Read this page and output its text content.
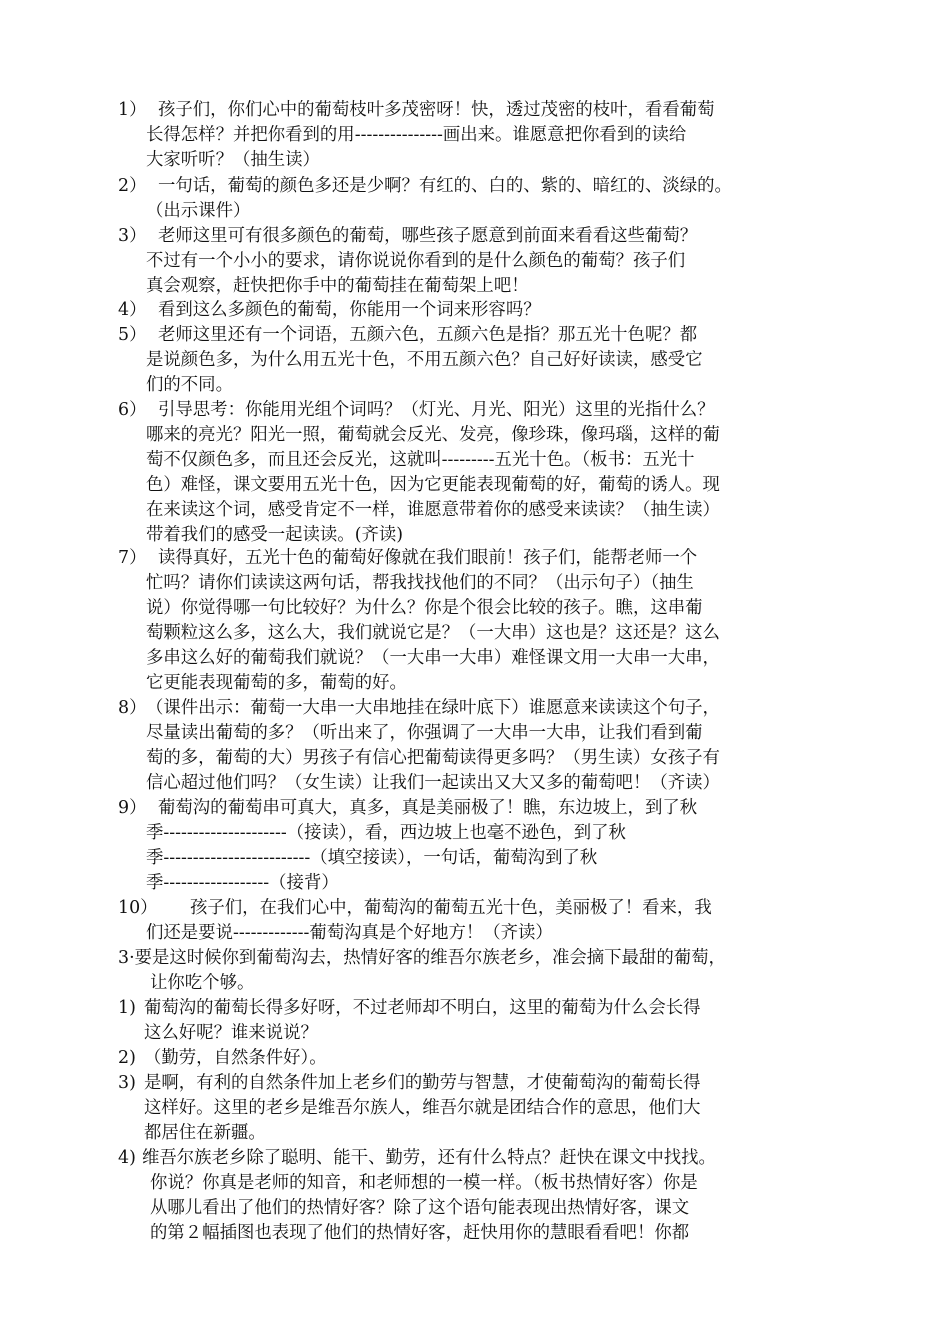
1） 孩子们，你们心中的葡萄枝叶多茂密呀！快，透过茂密的枝叶，看看葡萄
长得怎样？并把你看到的用---------------画出来。谁愿意把你看到的读给
大家听听？（抽生读）
2） 一句话，葡萄的颜色多还是少啊？有红的、白的、紫的、暗红的、淡绿的。
（出示课件）
3） 老师这里可有很多颜色的葡萄，哪些孩子愿意到前面来看看这些葡萄？
不过有一个小小的要求，请你说说你看到的是什么颜色的葡萄？孩子们
真会观察，赶快把你手中的葡萄挂在葡萄架上吧！
4） 看到这么多颜色的葡萄，你能用一个词来形容吗？
5） 老师这里还有一个词语，五颜六色，五颜六色是指？那五光十色呢？都
是说颜色多，为什么用五光十色，不用五颜六色？自己好好读读，感受它
们的不同。
6） 引导思考：你能用光组个词吗？（灯光、月光、阳光）这里的光指什么？
哪来的亮光？阳光一照，葡萄就会反光、发亮，像珍珠，像玛瑙，这样的葡
萄不仅颜色多，而且还会反光，这就叫---------五光十色。（板书：五光十
色）难怪，课文要用五光十色，因为它更能表现葡萄的好，葡萄的诱人。现
在来读这个词，感受肯定不一样，谁愿意带着你的感受来读读？（抽生读）
带着我们的感受一起读读。(齐读)
7） 读得真好，五光十色的葡萄好像就在我们眼前！孩子们，能帮老师一个
忙吗？请你们读读这两句话，帮我找找他们的不同？（出示句子）（抽生
说）你觉得哪一句比较好？为什么？你是个很会比较的孩子。瞧，这串葡
萄颗粒这么多，这么大，我们就说它是？（一大串）这也是？这还是？这么
多串这么好的葡萄我们就说？（一大串一大串）难怪课文用一大串一大串，
它更能表现葡萄的多，葡萄的好。
8） （课件出示：葡萄一大串一大串地挂在绿叶底下）谁愿意来读读这个句子，
尽量读出葡萄的多？（听出来了，你强调了一大串一大串，让我们看到葡
萄的多，葡萄的大）男孩子有信心把葡萄读得更多吗？（男生读）女孩子有
信心超过他们吗？（女生读）让我们一起读出又大又多的葡萄吧！（齐读）
9） 葡萄沟的葡萄串可真大，真多，真是美丽极了！瞧，东边坡上，到了秋
季---------------------（接读），看，西边坡上也毫不逊色，到了秋
季-------------------------（填空接读），一句话，葡萄沟到了秋
季------------------（接背）
10） 孩子们，在我们心中，葡萄沟的葡萄五光十色，美丽极了！看来，我
们还是要说-------------葡萄沟真是个好地方！（齐读）
3·要是这时候你到葡萄沟去，热情好客的维吾尔族老乡，准会摘下最甜的葡萄，
让你吃个够。
1) 葡萄沟的葡萄长得多好呀，不过老师却不明白，这里的葡萄为什么会长得
这么好呢？谁来说说？
2) （勤劳，自然条件好）。
3) 是啊，有利的自然条件加上老乡们的勤劳与智慧，才使葡萄沟的葡萄长得
这样好。这里的老乡是维吾尔族人，维吾尔就是团结合作的意思，他们大
都居住在新疆。
4) 维吾尔族老乡除了聪明、能干、勤劳，还有什么特点？赶快在课文中找找。
你说？你真是老师的知音，和老师想的一模一样。（板书热情好客）你是
从哪儿看出了他们的热情好客？除了这个语句能表现出热情好客，课文
的第２幅插图也表现了他们的热情好客，赶快用你的慧眼看看吧！你都
